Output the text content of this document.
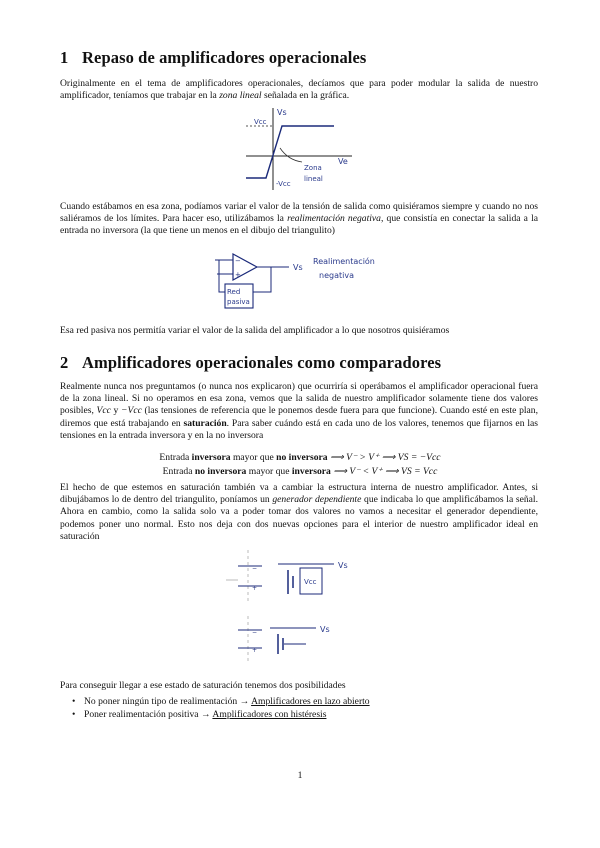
1 Repaso de amplificadores operacionales

Originalmente en el tema de amplificadores operacionales, decíamos que para poder modular la salida de nuestro amplificador, teníamos que trabajar en la zona lineal señalada en la gráfica.

Vs
Vcc
Ve
-Vcc
Zona
lineal

Cuando estábamos en esa zona, podíamos variar el valor de la tensión de salida como quisiéramos siempre y cuando no nos saliéramos de los límites. Para hacer eso, utilizábamos la realimentación negativa, que consistía en conectar la salida a la entrada no inversora (la que tiene un menos en el dibujo del triangulito)

−
+
Red
pasiva
Vs
Realimentación
negativa

Esa red pasiva nos permitía variar el valor de la salida del amplificador a lo que nosotros quisiéramos

2 Amplificadores operacionales como comparadores

Realmente nunca nos preguntamos (o nunca nos explicaron) que ocurriría si operábamos el amplificador operacional fuera de la zona lineal. Si no operamos en esa zona, vemos que la salida de nuestro amplificador solamente tiene dos valores posibles, Vcc y −Vcc (las tensiones de referencia que le ponemos desde fuera para que funcione). Cuando esté en este plan, diremos que está trabajando en saturación. Para saber cuándo está en cada uno de los valores, tenemos que fijarnos en las tensiones en la entrada inversora y en la no inversora

Entrada inversora mayor que no inversora ⟹ V⁻ > V⁺ ⟹ VS = −Vcc
Entrada no inversora mayor que inversora ⟹ V⁻ < V⁺ ⟹ VS = Vcc

El hecho de que estemos en saturación también va a cambiar la estructura interna de nuestro amplificador. Antes, si dibujábamos lo de dentro del triangulito, poníamos un generador dependiente que indicaba lo que amplificábamos la señal. Ahora en cambio, como la salida solo va a poder tomar dos valores no vamos a necesitar el generador dependiente, podemos poner uno normal. Esto nos deja con dos nuevas opciones para el interior de nuestro amplificador ideal en saturación

Vcc
Vs
−
+
Vs
−
+

Para conseguir llegar a ese estado de saturación tenemos dos posibilidades

• No poner ningún tipo de realimentación → Amplificadores en lazo abierto
• Poner realimentación positiva → Amplificadores con histéresis
1
